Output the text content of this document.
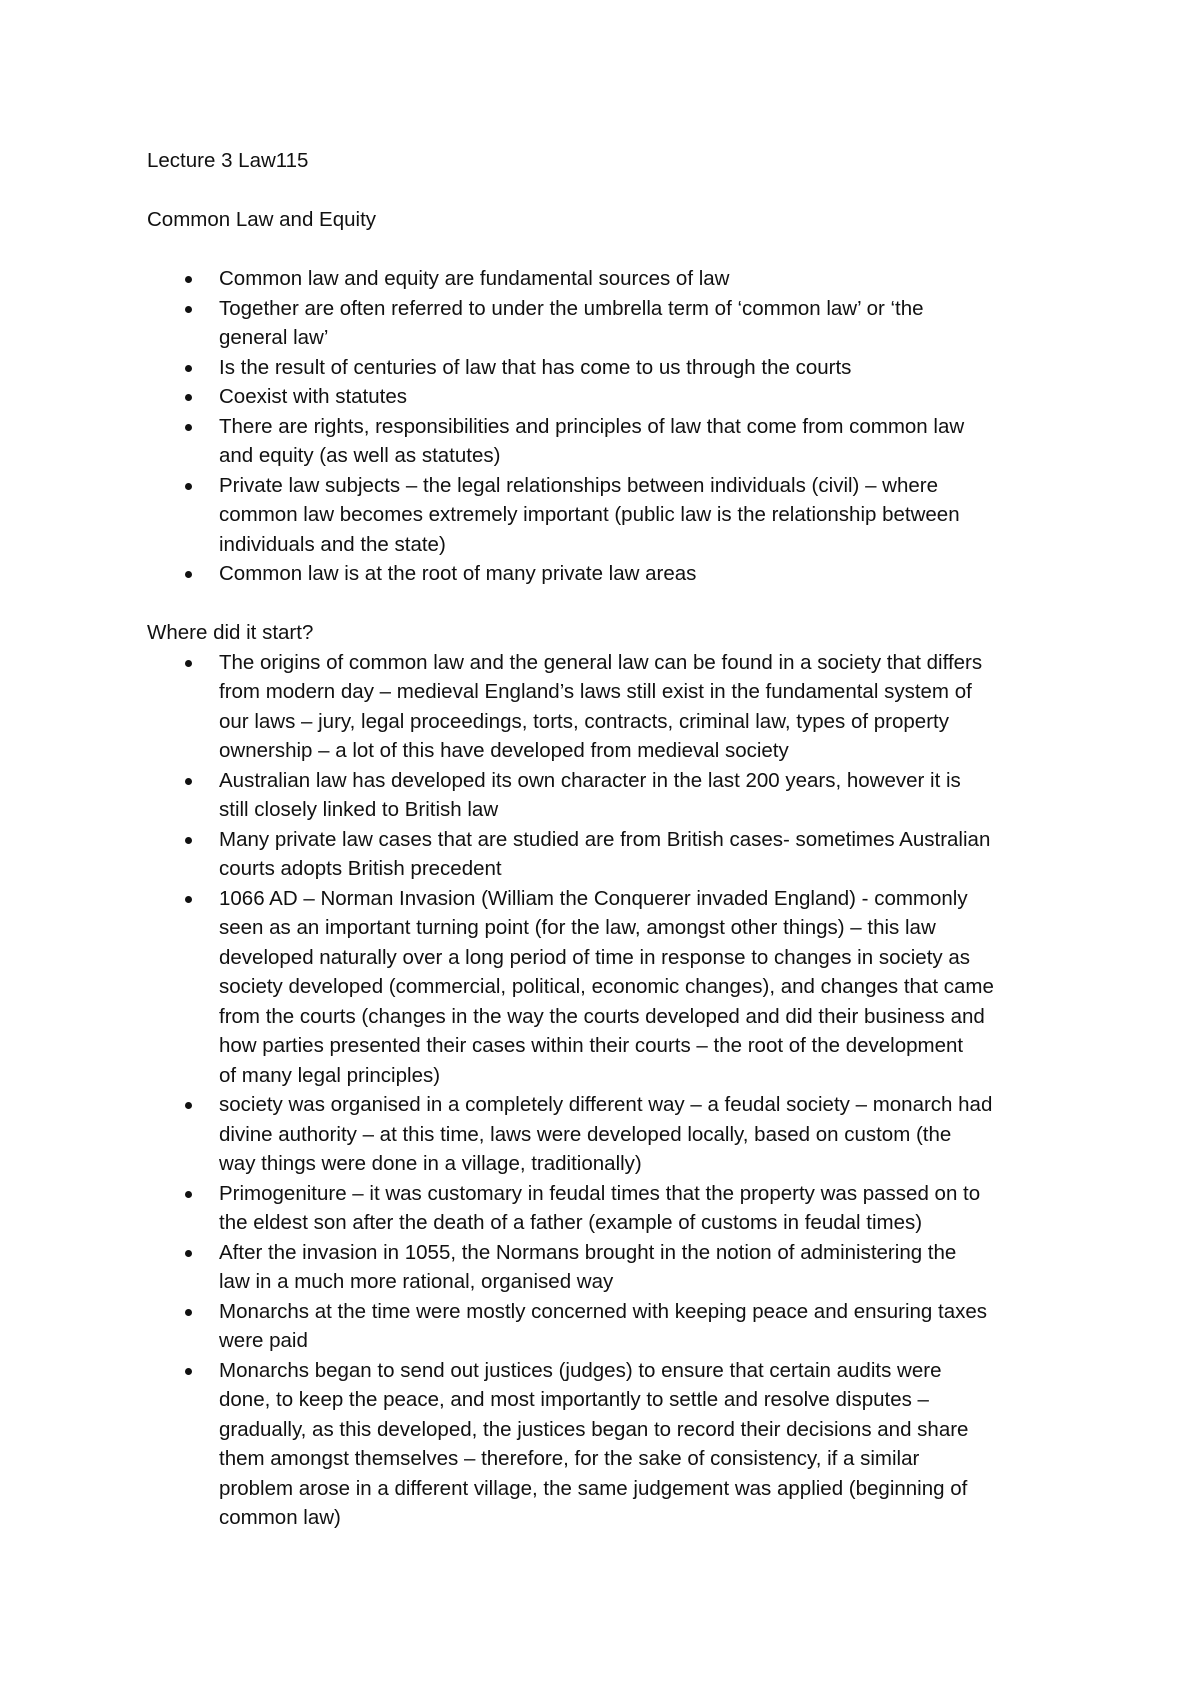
Lecture 3 Law115

Common Law and Equity

Common law and equity are fundamental sources of law
Together are often referred to under the umbrella term of ‘common law’ or ‘the
general law’
Is the result of centuries of law that has come to us through the courts
Coexist with statutes
There are rights, responsibilities and principles of law that come from common law
and equity (as well as statutes)
Private law subjects – the legal relationships between individuals (civil) – where
common law becomes extremely important (public law is the relationship between
individuals and the state)
Common law is at the root of many private law areas

Where did it start?

The origins of common law and the general law can be found in a society that differs
from modern day – medieval England’s laws still exist in the fundamental system of
our laws – jury, legal proceedings, torts, contracts, criminal law, types of property
ownership – a lot of this have developed from medieval society
Australian law has developed its own character in the last 200 years, however it is
still closely linked to British law
Many private law cases that are studied are from British cases- sometimes Australian
courts adopts British precedent
1066 AD – Norman Invasion (William the Conquerer invaded England) - commonly
seen as an important turning point (for the law, amongst other things) – this law
developed naturally over a long period of time in response to changes in society as
society developed (commercial, political, economic changes), and changes that came
from the courts (changes in the way the courts developed and did their business and
how parties presented their cases within their courts – the root of the development
of many legal principles)
society was organised in a completely different way – a feudal society – monarch had
divine authority – at this time, laws were developed locally, based on custom (the
way things were done in a village, traditionally)
Primogeniture – it was customary in feudal times that the property was passed on to
the eldest son after the death of a father (example of customs in feudal times)
After the invasion in 1055, the Normans brought in the notion of administering the
law in a much more rational, organised way
Monarchs at the time were mostly concerned with keeping peace and ensuring taxes
were paid
Monarchs began to send out justices (judges) to ensure that certain audits were
done, to keep the peace, and most importantly to settle and resolve disputes –
gradually, as this developed, the justices began to record their decisions and share
them amongst themselves – therefore, for the sake of consistency, if a similar
problem arose in a different village, the same judgement was applied (beginning of
common law)
